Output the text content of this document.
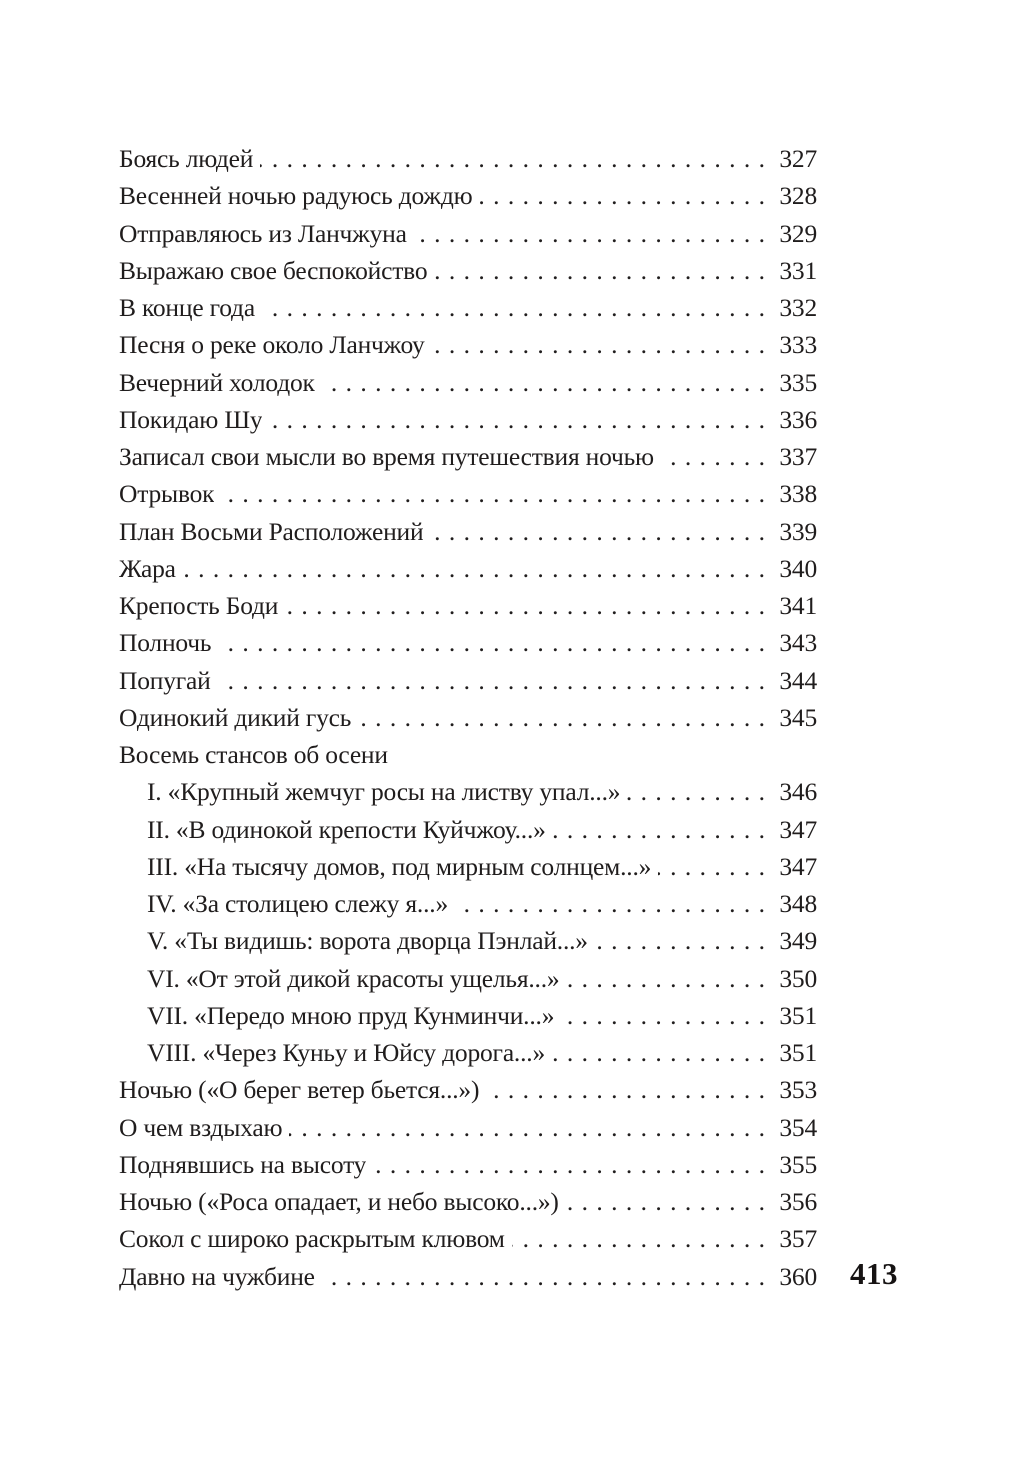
Боясь людей . . .	327
Весенней ночью радуюсь дождю . . .	328
Отправляюсь из Ланчжуна . . .	329
Выражаю свое беспокойство . . .	331
В конце года . . .	332
Песня о реке около Ланчжоу . . .	333
Вечерний холодок . . .	335
Покидаю Шу . . .	336
Записал свои мысли во время путешествия ночью . . .	337
Отрывок . . .	338
План Восьми Расположений . . .	339
Жара . . .	340
Крепость Боди . . .	341
Полночь . . .	343
Попугай . . .	344
Одинокий дикий гусь . . .	345
Восемь стансов об осени
I. «Крупный жемчуг росы на листву упал...» . . .	346
II. «В одинокой крепости Куйчжоу...» . . .	347
III. «На тысячу домов, под мирным солнцем...» . . .	347
IV. «За столицею слежу я...» . . .	348
V. «Ты видишь: ворота дворца Пэнлай...» . . .	349
VI. «От этой дикой красоты ущелья...» . . .	350
VII. «Передо мною пруд Кунминчи...» . . .	351
VIII. «Через Куньу и Юйсу дорога...» . . .	351
Ночью («О берег ветер бьется...») . . .	353
О чем вздыхаю . . .	354
Поднявшись на высоту . . .	355
Ночью («Роса опадает, и небо высоко...») . . .	356
Сокол с широко раскрытым клювом . . .	357
Давно на чужбине . . .	360 413
